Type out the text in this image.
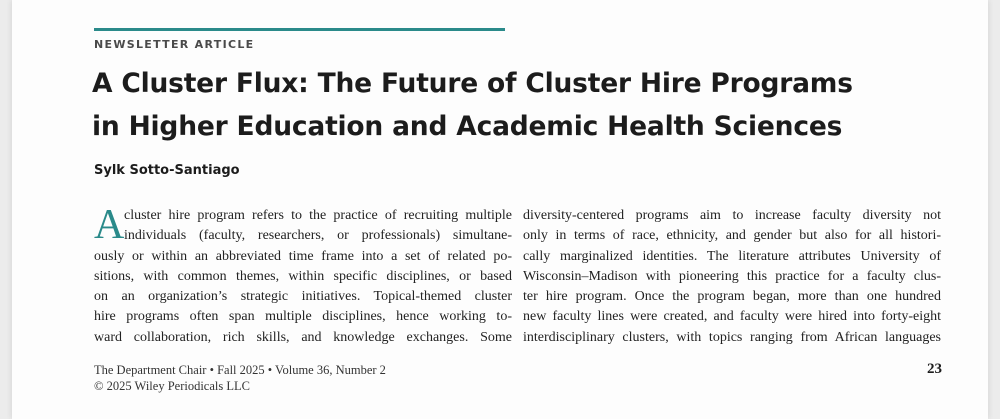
NEWSLETTER ARTICLE
A Cluster Flux: The Future of Cluster Hire Programs
in Higher Education and Academic Health Sciences
Sylk Sotto-Santiago
A cluster hire program refers to the practice of recruiting multiple
individuals (faculty, researchers, or professionals) simultane-
ously or within an abbreviated time frame into a set of related po-
sitions, with common themes, within specific disciplines, or based
on an organization’s strategic initiatives. Topical-themed cluster
hire programs often span multiple disciplines, hence working to-
ward collaboration, rich skills, and knowledge exchanges. Some
diversity-centered programs aim to increase faculty diversity not
only in terms of race, ethnicity, and gender but also for all histori-
cally marginalized identities. The literature attributes University of
Wisconsin–Madison with pioneering this practice for a faculty clus-
ter hire program. Once the program began, more than one hundred
new faculty lines were created, and faculty were hired into forty-eight
interdisciplinary clusters, with topics ranging from African languages
The Department Chair • Fall 2025 • Volume 36, Number 2
© 2025 Wiley Periodicals LLC
23
